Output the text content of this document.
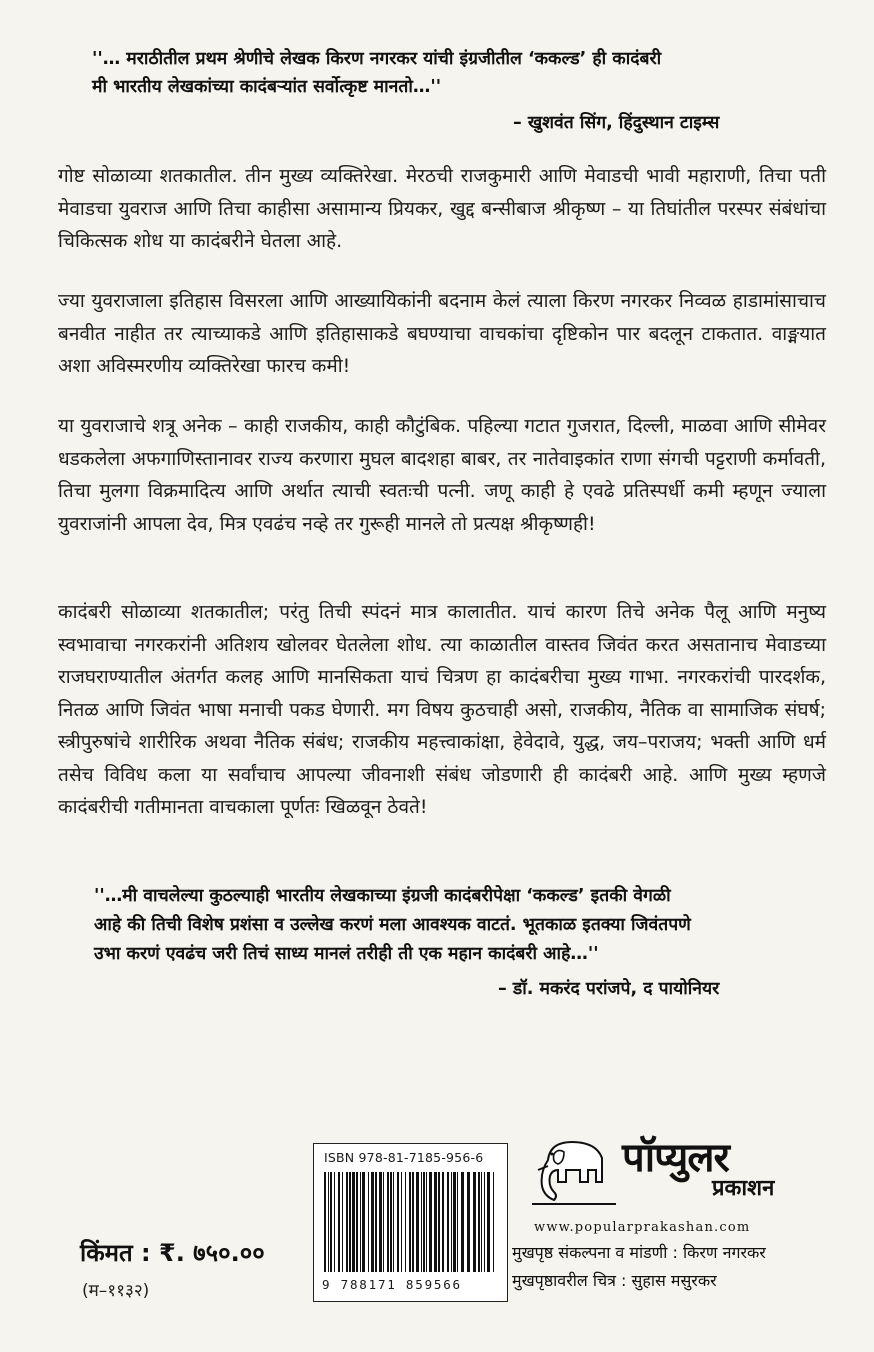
''… मराठीतील प्रथम श्रेणीचे लेखक किरण नगरकर यांची इंग्रजीतील ‘ककल्ड’ ही कादंबरी
मी भारतीय लेखकांच्या कादंबऱ्यांत सर्वोत्कृष्ट मानतो…''
– खुशवंत सिंग, हिंदुस्थान टाइम्स

गोष्ट सोळाव्या शतकातील. तीन मुख्य व्यक्तिरेखा. मेरठची राजकुमारी आणि मेवाडची भावी महाराणी, तिचा पती मेवाडचा युवराज आणि तिचा काहीसा असामान्य प्रियकर, खुद्द बन्सीबाज श्रीकृष्ण – या तिघांतील परस्पर संबंधांचा चिकित्सक शोध या कादंबरीने घेतला आहे.

ज्या युवराजाला इतिहास विसरला आणि आख्यायिकांनी बदनाम केलं त्याला किरण नगरकर निव्वळ हाडामांसाचाच बनवीत नाहीत तर त्याच्याकडे आणि इतिहासाकडे बघण्याचा वाचकांचा दृष्टिकोन पार बदलून टाकतात. वाङ्मयात अशा अविस्मरणीय व्यक्तिरेखा फारच कमी!

या युवराजाचे शत्रू अनेक – काही राजकीय, काही कौटुंबिक. पहिल्या गटात गुजरात, दिल्ली, माळवा आणि सीमेवर धडकलेला अफगाणिस्तानावर राज्य करणारा मुघल बादशहा बाबर, तर नातेवाइकांत राणा संगची पट्टराणी कर्मावती, तिचा मुलगा विक्रमादित्य आणि अर्थात त्याची स्वतःची पत्नी. जणू काही हे एवढे प्रतिस्पर्धी कमी म्हणून ज्याला युवराजांनी आपला देव, मित्र एवढंच नव्हे तर गुरूही मानले तो प्रत्यक्ष श्रीकृष्णही!

कादंबरी सोळाव्या शतकातील; परंतु तिची स्पंदनं मात्र कालातीत. याचं कारण तिचे अनेक पैलू आणि मनुष्य स्वभावाचा नगरकरांनी अतिशय खोलवर घेतलेला शोध. त्या काळातील वास्तव जिवंत करत असतानाच मेवाडच्या राजघराण्यातील अंतर्गत कलह आणि मानसिकता याचं चित्रण हा कादंबरीचा मुख्य गाभा. नगरकरांची पारदर्शक, नितळ आणि जिवंत भाषा मनाची पकड घेणारी. मग विषय कुठचाही असो, राजकीय, नैतिक वा सामाजिक संघर्ष; स्त्रीपुरुषांचे शारीरिक अथवा नैतिक संबंध; राजकीय महत्त्वाकांक्षा, हेवेदावे, युद्ध, जय–पराजय; भक्ती आणि धर्म तसेच विविध कला या सर्वांचाच आपल्या जीवनाशी संबंध जोडणारी ही कादंबरी आहे. आणि मुख्य म्हणजे कादंबरीची गतीमानता वाचकाला पूर्णतः खिळवून ठेवते!

''…मी वाचलेल्या कुठल्याही भारतीय लेखकाच्या इंग्रजी कादंबरीपेक्षा ‘ककल्ड’ इतकी वेगळी
आहे की तिची विशेष प्रशंसा व उल्लेख करणं मला आवश्यक वाटतं. भूतकाळ इतक्या जिवंतपणे
उभा करणं एवढंच जरी तिचं साध्य मानलं तरीही ती एक महान कादंबरी आहे…''
– डॉ. मकरंद परांजपे, द पायोनियर
ISBN 978-81-7185-956-6
9 788171 859566
पॉप्युलर
प्रकाशन
www.popularprakashan.com
किंमत : ₹. ७५०.००
(म–११३२)
मुखपृष्ठ संकल्पना व मांडणी : किरण नगरकर
मुखपृष्ठावरील चित्र : सुहास मसुरकर
